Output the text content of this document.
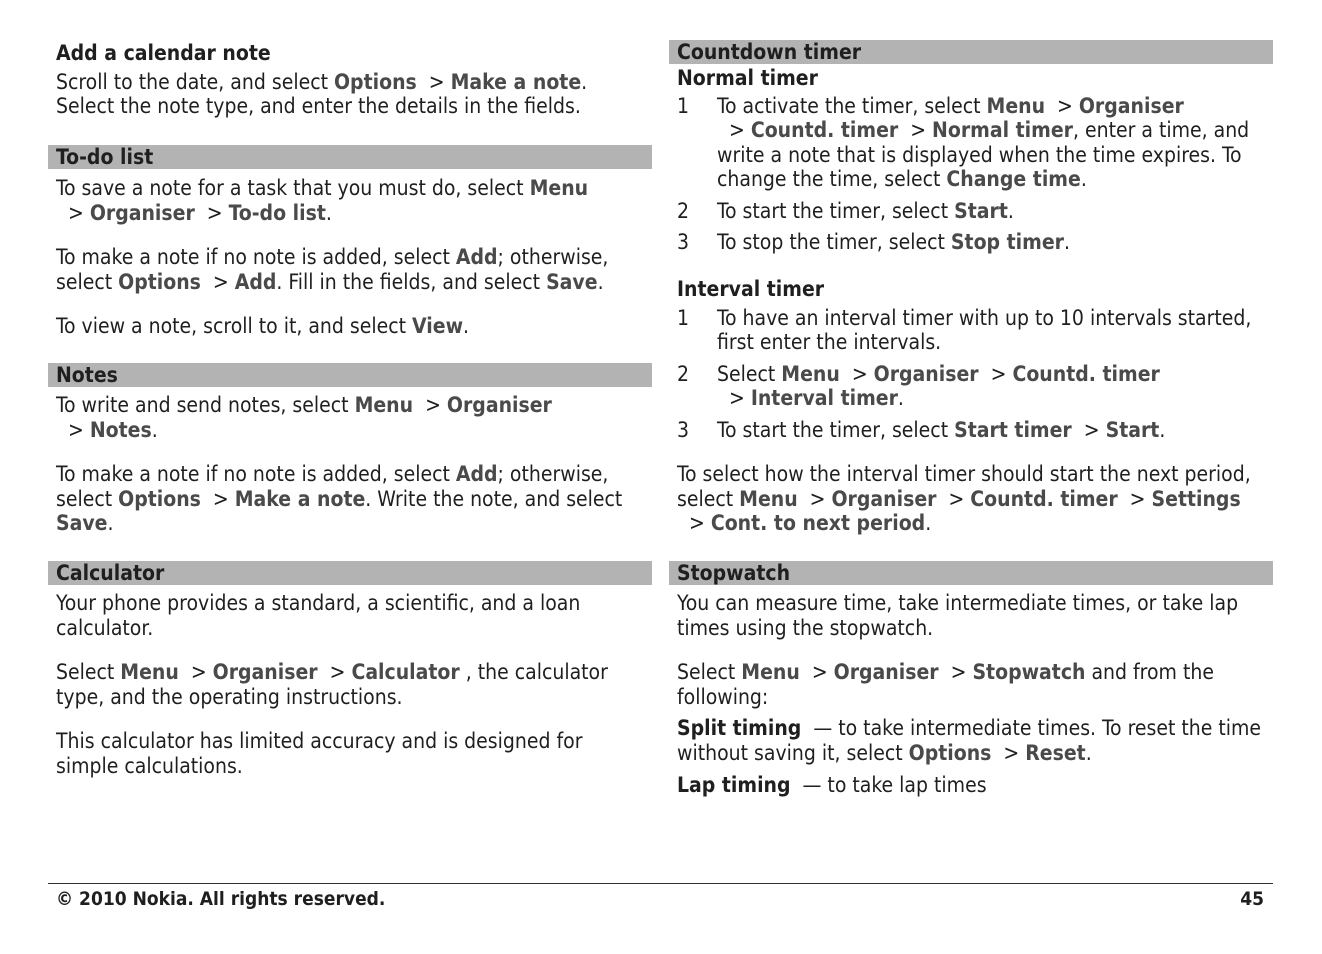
Add a calendar note

Scroll to the date, and select Options  > Make a note. Select the note type, and enter the details in the fields.

To-do list

To save a note for a task that you must do, select Menu  > Organiser  > To-do list.

To make a note if no note is added, select Add; otherwise, select Options  > Add. Fill in the fields, and select Save.

To view a note, scroll to it, and select View.

Notes

To write and send notes, select Menu  > Organiser  > Notes.

To make a note if no note is added, select Add; otherwise, select Options  > Make a note. Write the note, and select Save.

Calculator

Your phone provides a standard, a scientific, and a loan calculator.

Select Menu  > Organiser  > Calculator , the calculator type, and the operating instructions.

This calculator has limited accuracy and is designed for simple calculations.

Countdown timer
Normal timer
1 To activate the timer, select Menu  > Organiser  > Countd. timer  > Normal timer, enter a time, and write a note that is displayed when the time expires. To change the time, select Change time.
2 To start the timer, select Start.
3 To stop the timer, select Stop timer.
Interval timer
1 To have an interval timer with up to 10 intervals started, first enter the intervals.
2 Select Menu  > Organiser  > Countd. timer  > Interval timer.
3 To start the timer, select Start timer  > Start.

To select how the interval timer should start the next period, select Menu  > Organiser  > Countd. timer  > Settings  > Cont. to next period.

Stopwatch

You can measure time, take intermediate times, or take lap times using the stopwatch.

Select Menu  > Organiser  > Stopwatch and from the following:

Split timing  — to take intermediate times. To reset the time without saving it, select Options  > Reset.

Lap timing  — to take lap times

© 2010 Nokia. All rights reserved.	45
